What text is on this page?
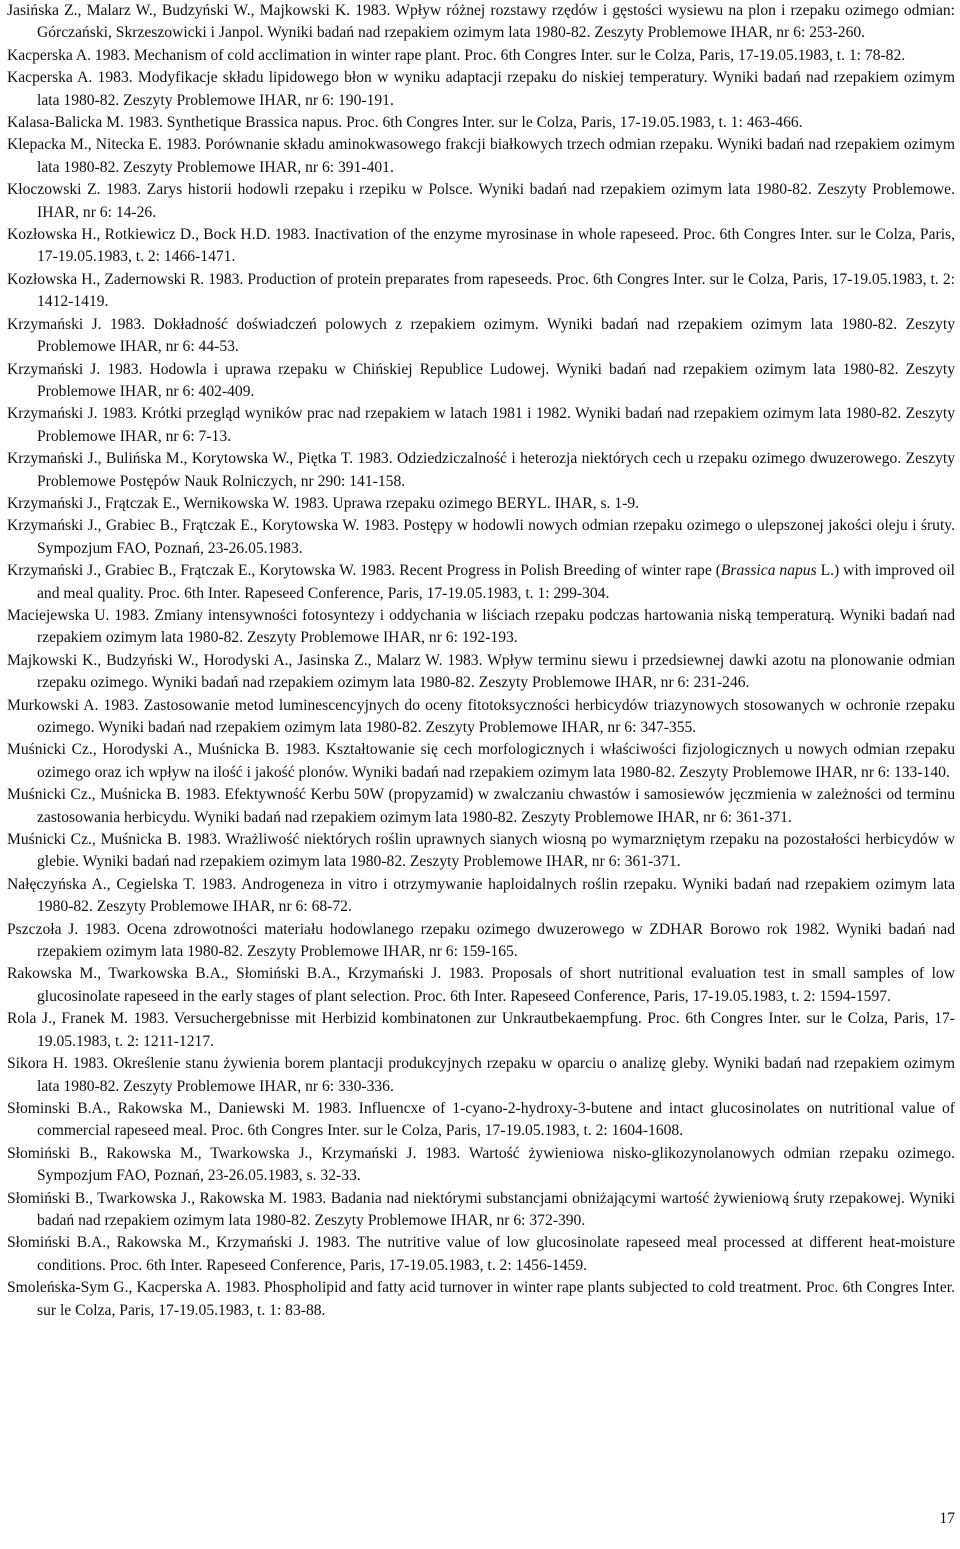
Jasińska Z., Malarz W., Budzyński W., Majkowski K. 1983. Wpływ różnej rozstawy rzędów i gęstości wysiewu na plon i rzepaku ozimego odmian: Górczański, Skrzeszowicki i Janpol. Wyniki badań nad rzepakiem ozimym lata 1980-82. Zeszyty Problemowe IHAR, nr 6: 253-260.

Kacperska A. 1983. Mechanism of cold acclimation in winter rape plant. Proc. 6th Congres Inter. sur le Colza, Paris, 17-19.05.1983, t. 1: 78-82.

Kacperska A. 1983. Modyfikacje składu lipidowego błon w wyniku adaptacji rzepaku do niskiej temperatury. Wyniki badań nad rzepakiem ozimym lata 1980-82. Zeszyty Problemowe IHAR, nr 6: 190-191.

Kalasa-Balicka M. 1983. Synthetique Brassica napus. Proc. 6th Congres Inter. sur le Colza, Paris, 17-19.05.1983, t. 1: 463-466.

Klepacka M., Nitecka E. 1983. Porównanie składu aminokwasowego frakcji białkowych trzech odmian rzepaku. Wyniki badań nad rzepakiem ozimym lata 1980-82. Zeszyty Problemowe IHAR, nr 6: 391-401.

Kłoczowski Z. 1983. Zarys historii hodowli rzepaku i rzepiku w Polsce. Wyniki badań nad rzepakiem ozimym lata 1980-82. Zeszyty Problemowe. IHAR, nr 6: 14-26.

Kozłowska H., Rotkiewicz D., Bock H.D. 1983. Inactivation of the enzyme myrosinase in whole rapeseed. Proc. 6th Congres Inter. sur le Colza, Paris, 17-19.05.1983, t. 2: 1466-1471.

Kozłowska H., Zadernowski R. 1983. Production of protein preparates from rapeseeds. Proc. 6th Congres Inter. sur le Colza, Paris, 17-19.05.1983, t. 2: 1412-1419.

Krzymański J. 1983. Dokładność doświadczeń polowych z rzepakiem ozimym. Wyniki badań nad rzepakiem ozimym lata 1980-82. Zeszyty Problemowe IHAR, nr 6: 44-53.

Krzymański J. 1983. Hodowla i uprawa rzepaku w Chińskiej Republice Ludowej. Wyniki badań nad rzepakiem ozimym lata 1980-82. Zeszyty Problemowe IHAR, nr 6: 402-409.

Krzymański J. 1983. Krótki przegląd wyników prac nad rzepakiem w latach 1981 i 1982. Wyniki badań nad rzepakiem ozimym lata 1980-82. Zeszyty Problemowe IHAR, nr 6: 7-13.

Krzymański J., Bulińska M., Korytowska W., Piętka T. 1983. Odziedziczalność i heterozja niektórych cech u rzepaku ozimego dwuzerowego. Zeszyty Problemowe Postępów Nauk Rolniczych, nr 290: 141-158.

Krzymański J., Frątczak E., Wernikowska W. 1983. Uprawa rzepaku ozimego BERYL. IHAR, s. 1-9.

Krzymański J., Grabiec B., Frątczak E., Korytowska W. 1983. Postępy w hodowli nowych odmian rzepaku ozimego o ulepszonej jakości oleju i śruty. Sympozjum FAO, Poznań, 23-26.05.1983.

Krzymański J., Grabiec B., Frątczak E., Korytowska W. 1983. Recent Progress in Polish Breeding of winter rape (Brassica napus L.) with improved oil and meal quality. Proc. 6th Inter. Rapeseed Conference, Paris, 17-19.05.1983, t. 1: 299-304.

Maciejewska U. 1983. Zmiany intensywności fotosyntezy i oddychania w liściach rzepaku podczas hartowania niską temperaturą. Wyniki badań nad rzepakiem ozimym lata 1980-82. Zeszyty Problemowe IHAR, nr 6: 192-193.

Majkowski K., Budzyński W., Horodyski A., Jasinska Z., Malarz W. 1983. Wpływ terminu siewu i przedsiewnej dawki azotu na plonowanie odmian rzepaku ozimego. Wyniki badań nad rzepakiem ozimym lata 1980-82. Zeszyty Problemowe IHAR, nr 6: 231-246.

Murkowski A. 1983. Zastosowanie metod luminescencyjnych do oceny fitotoksyczności herbicydów triazynowych stosowanych w ochronie rzepaku ozimego. Wyniki badań nad rzepakiem ozimym lata 1980-82. Zeszyty Problemowe IHAR, nr 6: 347-355.

Muśnicki Cz., Horodyski A., Muśnicka B. 1983. Kształtowanie się cech morfologicznych i właściwości fizjologicznych u nowych odmian rzepaku ozimego oraz ich wpływ na ilość i jakość plonów. Wyniki badań nad rzepakiem ozimym lata 1980-82. Zeszyty Problemowe IHAR, nr 6: 133-140.

Muśnicki Cz., Muśnicka B. 1983. Efektywność Kerbu 50W (propyzamid) w zwalczaniu chwastów i samosiewów jęczmienia w zależności od terminu zastosowania herbicydu. Wyniki badań nad rzepakiem ozimym lata 1980-82. Zeszyty Problemowe IHAR, nr 6: 361-371.

Muśnicki Cz., Muśnicka B. 1983. Wrażliwość niektórych roślin uprawnych sianych wiosną po wymarzniętym rzepaku na pozostałości herbicydów w glebie. Wyniki badań nad rzepakiem ozimym lata 1980-82. Zeszyty Problemowe IHAR, nr 6: 361-371.

Nałęczyńska A., Cegielska T. 1983. Androgeneza in vitro i otrzymywanie haploidalnych roślin rzepaku. Wyniki badań nad rzepakiem ozimym lata 1980-82. Zeszyty Problemowe IHAR, nr 6: 68-72.

Pszczoła J. 1983. Ocena zdrowotności materiału hodowlanego rzepaku ozimego dwuzerowego w ZDHAR Borowo rok 1982. Wyniki badań nad rzepakiem ozimym lata 1980-82. Zeszyty Problemowe IHAR, nr 6: 159-165.

Rakowska M., Twarkowska B.A., Słomiński B.A., Krzymański J. 1983. Proposals of short nutritional evaluation test in small samples of low glucosinolate rapeseed in the early stages of plant selection. Proc. 6th Inter. Rapeseed Conference, Paris, 17-19.05.1983, t. 2: 1594-1597.

Rola J., Franek M. 1983. Versuchergebnisse mit Herbizid kombinatonen zur Unkrautbekaempfung. Proc. 6th Congres Inter. sur le Colza, Paris, 17-19.05.1983, t. 2: 1211-1217.

Sikora H. 1983. Określenie stanu żywienia borem plantacji produkcyjnych rzepaku w oparciu o analizę gleby. Wyniki badań nad rzepakiem ozimym lata 1980-82. Zeszyty Problemowe IHAR, nr 6: 330-336.

Słominski B.A., Rakowska M., Daniewski M. 1983. Influencxe of 1-cyano-2-hydroxy-3-butene and intact glucosinolates on nutritional value of commercial rapeseed meal. Proc. 6th Congres Inter. sur le Colza, Paris, 17-19.05.1983, t. 2: 1604-1608.

Słomiński B., Rakowska M., Twarkowska J., Krzymański J. 1983. Wartość żywieniowa nisko-glikozynolanowych odmian rzepaku ozimego. Sympozjum FAO, Poznań, 23-26.05.1983, s. 32-33.

Słomiński B., Twarkowska J., Rakowska M. 1983. Badania nad niektórymi substancjami obniżającymi wartość żywieniową śruty rzepakowej. Wyniki badań nad rzepakiem ozimym lata 1980-82. Zeszyty Problemowe IHAR, nr 6: 372-390.

Słomiński B.A., Rakowska M., Krzymański J. 1983. The nutritive value of low glucosinolate rapeseed meal processed at different heat-moisture conditions. Proc. 6th Inter. Rapeseed Conference, Paris, 17-19.05.1983, t. 2: 1456-1459.

Smoleńska-Sym G., Kacperska A. 1983. Phospholipid and fatty acid turnover in winter rape plants subjected to cold treatment. Proc. 6th Congres Inter. sur le Colza, Paris, 17-19.05.1983, t. 1: 83-88.

17
